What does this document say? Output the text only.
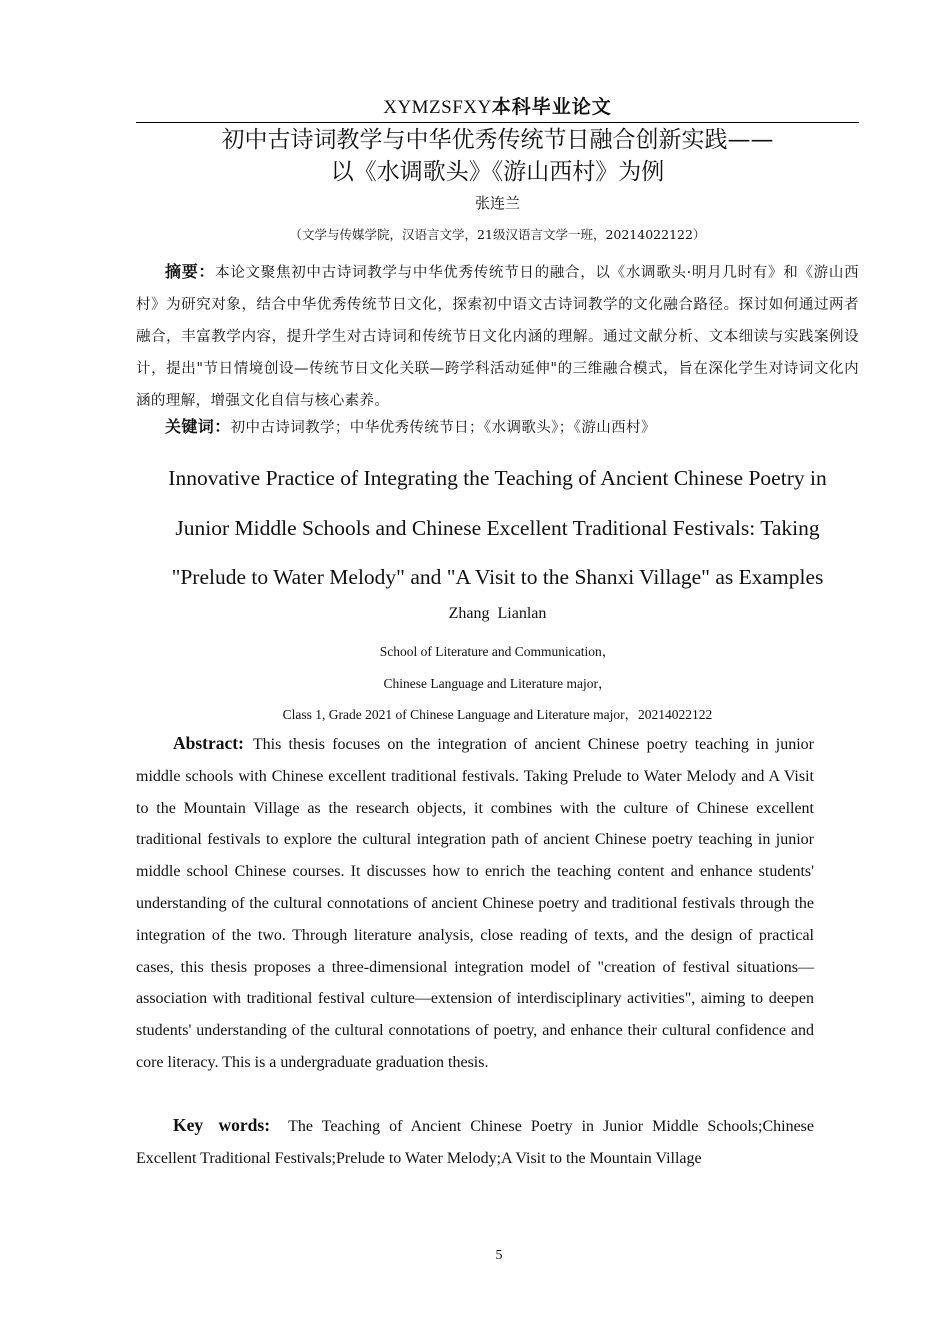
XYMZSFXY本科毕业论文
初中古诗词教学与中华优秀传统节日融合创新实践——
以《水调歌头》《游山西村》为例
张连兰
（文学与传媒学院，汉语言文学，21级汉语言文学一班，20214022122）
摘要：本论文聚焦初中古诗词教学与中华优秀传统节日的融合，以《水调歌头·明月几时有》和《游山西村》为研究对象，结合中华优秀传统节日文化，探索初中语文古诗词教学的文化融合路径。探讨如何通过两者融合，丰富教学内容，提升学生对古诗词和传统节日文化内涵的理解。通过文献分析、文本细读与实践案例设计，提出"节日情境创设—传统节日文化关联—跨学科活动延伸"的三维融合模式，旨在深化学生对诗词文化内涵的理解，增强文化自信与核心素养。
关键词：初中古诗词教学；中华优秀传统节日；《水调歌头》；《游山西村》
Innovative Practice of Integrating the Teaching of Ancient Chinese Poetry in
Junior Middle Schools and Chinese Excellent Traditional Festivals: Taking
"Prelude to Water Melody" and "A Visit to the Shanxi Village" as Examples
Zhang  Lianlan
School of Literature and Communication，
Chinese Language and Literature major，
Class 1, Grade 2021 of Chinese Language and Literature major，20214022122
Abstract: This thesis focuses on the integration of ancient Chinese poetry teaching in junior middle schools with Chinese excellent traditional festivals. Taking Prelude to Water Melody and A Visit to the Mountain Village as the research objects, it combines with the culture of Chinese excellent traditional festivals to explore the cultural integration path of ancient Chinese poetry teaching in junior middle school Chinese courses. It discusses how to enrich the teaching content and enhance students' understanding of the cultural connotations of ancient Chinese poetry and traditional festivals through the integration of the two. Through literature analysis, close reading of texts, and the design of practical cases, this thesis proposes a three-dimensional integration model of "creation of festival situations—association with traditional festival culture—extension of interdisciplinary activities", aiming to deepen students' understanding of the cultural connotations of poetry, and enhance their cultural confidence and core literacy. This is a undergraduate graduation thesis.
Key words: The Teaching of Ancient Chinese Poetry in Junior Middle Schools;Chinese Excellent Traditional Festivals;Prelude to Water Melody;A Visit to the Mountain Village
5
